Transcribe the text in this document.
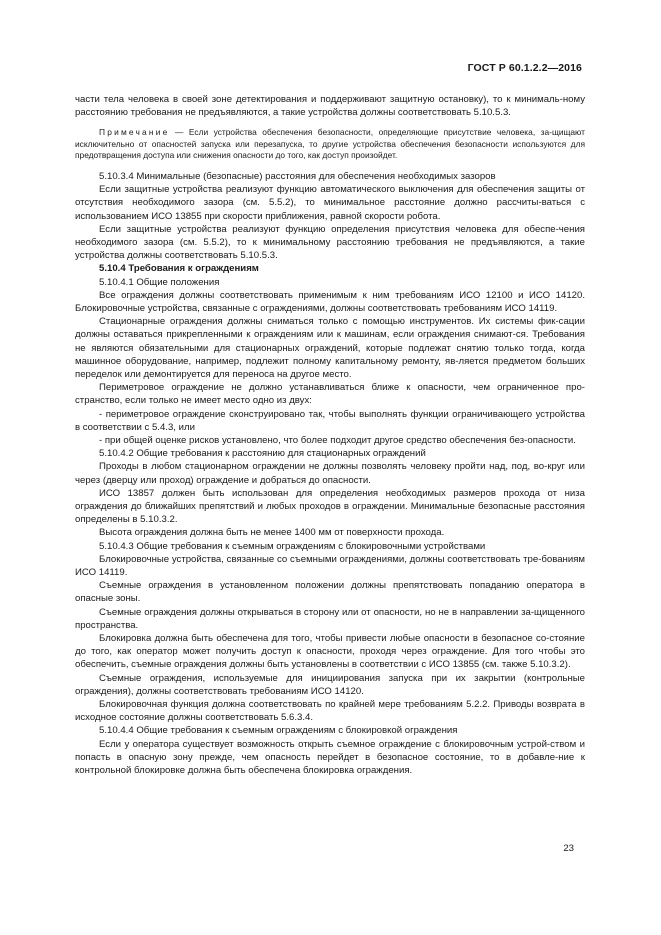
ГОСТ Р 60.1.2.2—2016

части тела человека в своей зоне детектирования и поддерживают защитную остановку), то к минималь-ному расстоянию требования не предъявляются, а такие устройства должны соответствовать 5.10.5.3.

Примечание — Если устройства обеспечения безопасности, определяющие присутствие человека, за-щищают исключительно от опасностей запуска или перезапуска, то другие устройства обеспечения безопасности используются для предотвращения доступа или снижения опасности до того, как доступ произойдет.

5.10.3.4 Минимальные (безопасные) расстояния для обеспечения необходимых зазоров

Если защитные устройства реализуют функцию автоматического выключения для обеспечения защиты от отсутствия необходимого зазора (см. 5.5.2), то минимальное расстояние должно рассчиты-ваться с использованием ИСО 13855 при скорости приближения, равной скорости робота.

Если защитные устройства реализуют функцию определения присутствия человека для обеспе-чения необходимого зазора (см. 5.5.2), то к минимальному расстоянию требования не предъявляются, а такие устройства должны соответствовать 5.10.5.3.

5.10.4 Требования к ограждениям

5.10.4.1 Общие положения

Все ограждения должны соответствовать применимым к ним требованиям ИСО 12100 и ИСО 14120. Блокировочные устройства, связанные с ограждениями, должны соответствовать требованиям ИСО 14119.

Стационарные ограждения должны сниматься только с помощью инструментов. Их системы фик-сации должны оставаться прикрепленными к ограждениям или к машинам, если ограждения снимают-ся. Требования не являются обязательными для стационарных ограждений, которые подлежат снятию только тогда, когда машинное оборудование, например, подлежит полному капитальному ремонту, яв-ляется предметом больших переделок или демонтируется для переноса на другое место.

Периметровое ограждение не должно устанавливаться ближе к опасности, чем ограниченное про-странство, если только не имеет место одно из двух:

- периметровое ограждение сконструировано так, чтобы выполнять функции ограничивающего устройства в соответствии с 5.4.3, или

- при общей оценке рисков установлено, что более подходит другое средство обеспечения без-опасности.

5.10.4.2 Общие требования к расстоянию для стационарных ограждений

Проходы в любом стационарном ограждении не должны позволять человеку пройти над, под, во-круг или через (дверцу или проход) ограждение и добраться до опасности.

ИСО 13857 должен быть использован для определения необходимых размеров прохода от низа ограждения до ближайших препятствий и любых проходов в ограждении. Минимальные безопасные расстояния определены в 5.10.3.2.

Высота ограждения должна быть не менее 1400 мм от поверхности прохода.

5.10.4.3 Общие требования к съемным ограждениям с блокировочными устройствами

Блокировочные устройства, связанные со съемными ограждениями, должны соответствовать тре-бованиям ИСО 14119.

Съемные ограждения в установленном положении должны препятствовать попаданию оператора в опасные зоны.

Съемные ограждения должны открываться в сторону или от опасности, но не в направлении за-щищенного пространства.

Блокировка должна быть обеспечена для того, чтобы привести любые опасности в безопасное со-стояние до того, как оператор может получить доступ к опасности, проходя через ограждение. Для того чтобы это обеспечить, съемные ограждения должны быть установлены в соответствии с ИСО 13855 (см. также 5.10.3.2).

Съемные ограждения, используемые для инициирования запуска при их закрытии (контрольные ограждения), должны соответствовать требованиям ИСО 14120.

Блокировочная функция должна соответствовать по крайней мере требованиям 5.2.2. Приводы возврата в исходное состояние должны соответствовать 5.6.3.4.

5.10.4.4 Общие требования к съемным ограждениям с блокировкой ограждения

Если у оператора существует возможность открыть съемное ограждение с блокировочным устрой-ством и попасть в опасную зону прежде, чем опасность перейдет в безопасное состояние, то в добавле-ние к контрольной блокировке должна быть обеспечена блокировка ограждения.

23
